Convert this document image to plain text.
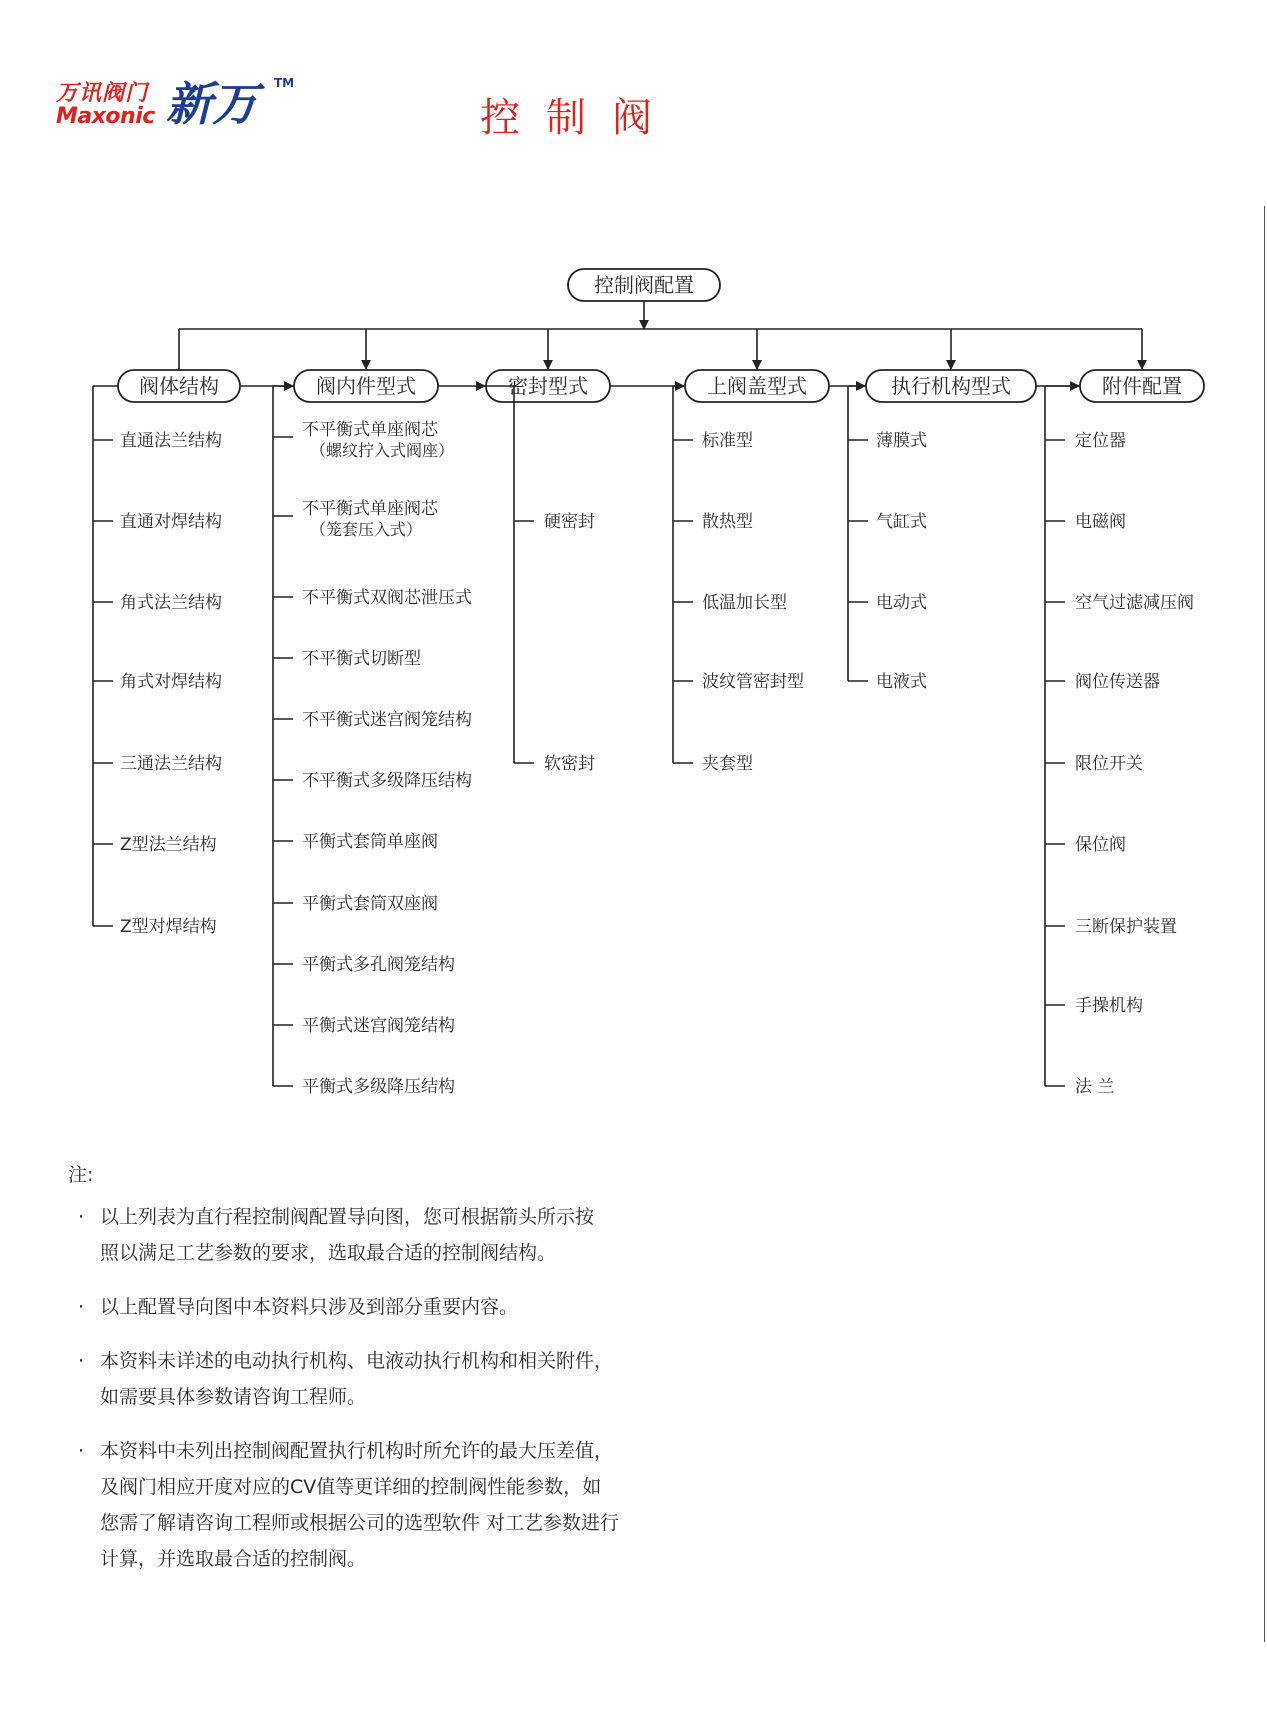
万讯阀门
Maxonic 新万 TM
控制阀
控制阀配置
阀体结构	阀内件型式	密封型式	上阀盖型式	执行机构型式	附件配置
直通法兰结构
直通对焊结构
角式法兰结构
角式对焊结构
三通法兰结构
Z型法兰结构
Z型对焊结构
不平衡式单座阀芯
（螺纹拧入式阀座）
不平衡式单座阀芯
（笼套压入式）
不平衡式双阀芯泄压式
不平衡式切断型
不平衡式迷宫阀笼结构
不平衡式多级降压结构
平衡式套筒单座阀
平衡式套筒双座阀
平衡式多孔阀笼结构
平衡式迷宫阀笼结构
平衡式多级降压结构
硬密封
软密封
标准型
散热型
低温加长型
波纹管密封型
夹套型
薄膜式
气缸式
电动式
电液式
定位器
电磁阀
空气过滤减压阀
阀位传送器
限位开关
保位阀
三断保护装置
手操机构
法 兰
注:
· 以上列表为直行程控制阀配置导向图，您可根据箭头所示按
照以满足工艺参数的要求，选取最合适的控制阀结构。
· 以上配置导向图中本资料只涉及到部分重要内容。
· 本资料未详述的电动执行机构、电液动执行机构和相关附件，
如需要具体参数请咨询工程师。
· 本资料中未列出控制阀配置执行机构时所允许的最大压差值，
及阀门相应开度对应的CV值等更详细的控制阀性能参数，如
您需了解请咨询工程师或根据公司的选型软件 对工艺参数进行
计算，并选取最合适的控制阀。
